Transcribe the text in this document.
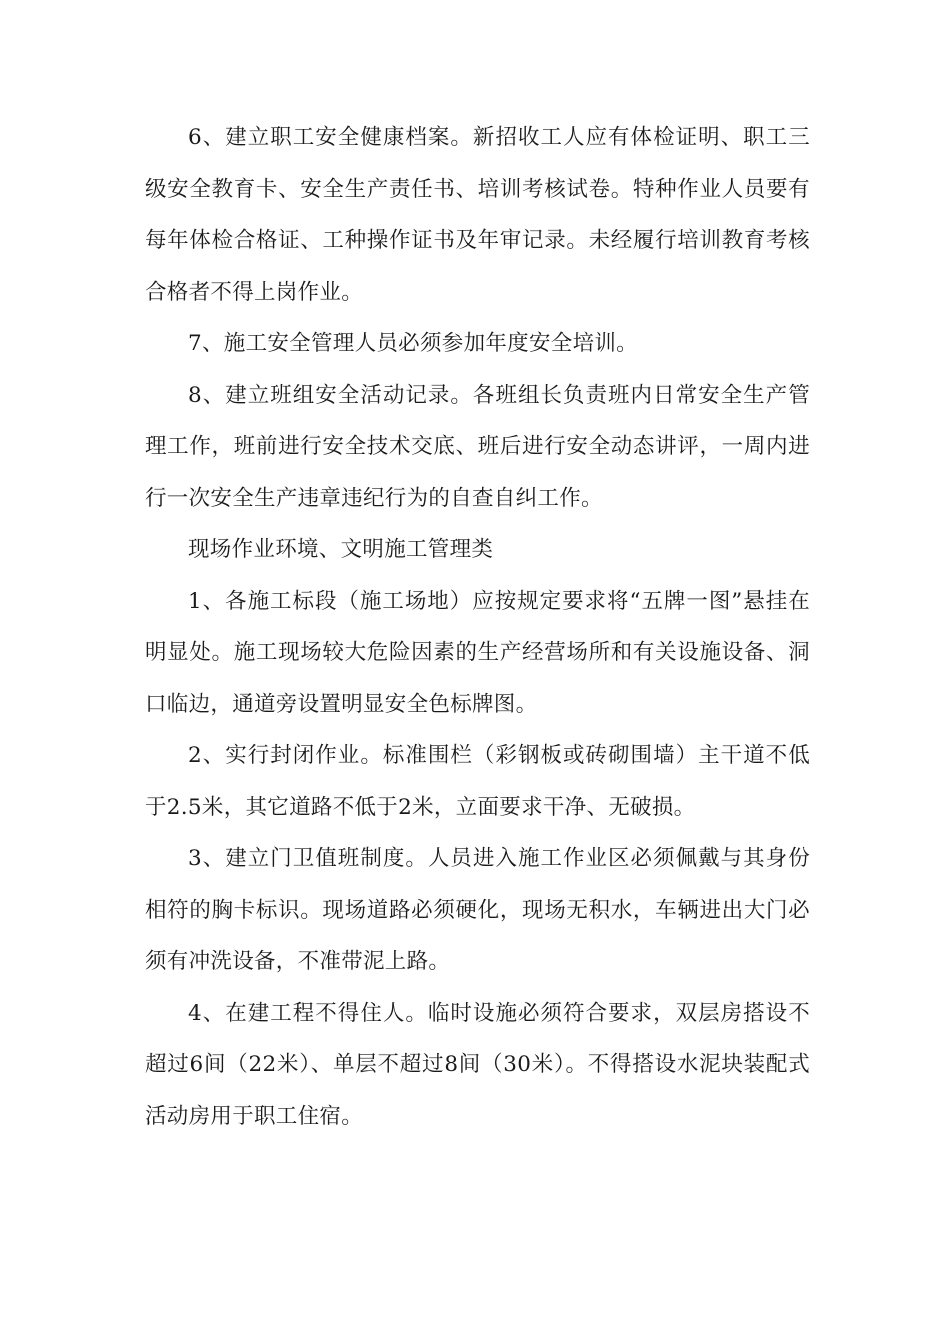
6、建立职工安全健康档案。新招收工人应有体检证明、职工三级安全教育卡、安全生产责任书、培训考核试卷。特种作业人员要有每年体检合格证、工种操作证书及年审记录。未经履行培训教育考核合格者不得上岗作业。

7、施工安全管理人员必须参加年度安全培训。

8、建立班组安全活动记录。各班组长负责班内日常安全生产管理工作，班前进行安全技术交底、班后进行安全动态讲评，一周内进行一次安全生产违章违纪行为的自查自纠工作。

现场作业环境、文明施工管理类

1、各施工标段（施工场地）应按规定要求将“五牌一图”悬挂在明显处。施工现场较大危险因素的生产经营场所和有关设施设备、洞口临边，通道旁设置明显安全色标牌图。

2、实行封闭作业。标准围栏（彩钢板或砖砌围墙）主干道不低于2.5米，其它道路不低于2米，立面要求干净、无破损。

3、建立门卫值班制度。人员进入施工作业区必须佩戴与其身份相符的胸卡标识。现场道路必须硬化，现场无积水，车辆进出大门必须有冲洗设备，不准带泥上路。

4、在建工程不得住人。临时设施必须符合要求，双层房搭设不超过6间（22米）、单层不超过8间（30米）。不得搭设水泥块装配式活动房用于职工住宿。
